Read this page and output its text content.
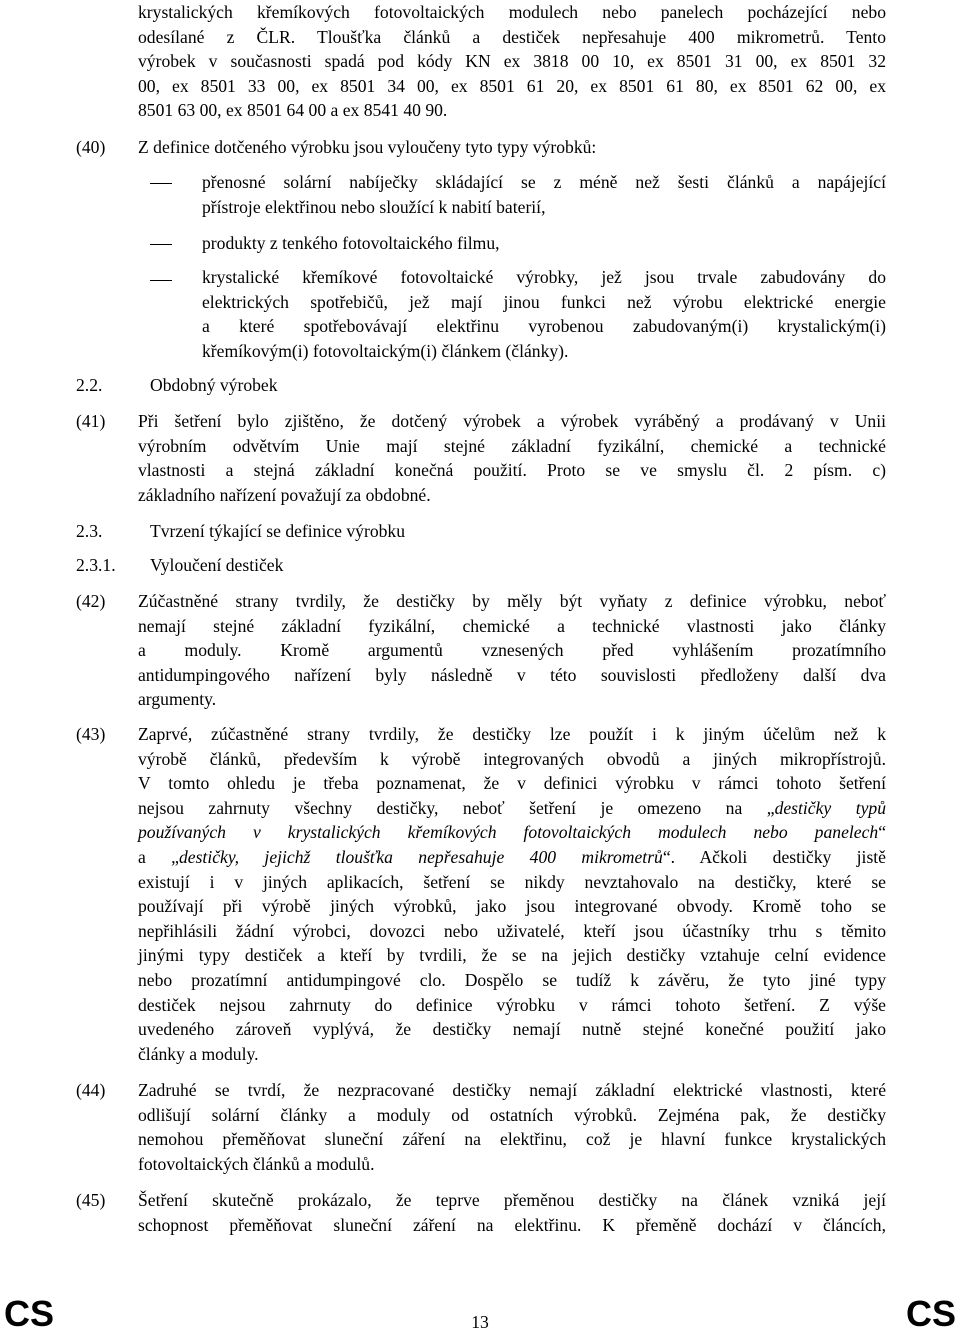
krystalických křemíkových fotovoltaických modulech nebo panelech pocházející nebo
odesílané z ČLR. Tloušťka článků a destiček nepřesahuje 400 mikrometrů. Tento
výrobek v současnosti spadá pod kódy KN ex 3818 00 10, ex 8501 31 00, ex 8501 32
00, ex 8501 33 00, ex 8501 34 00, ex 8501 61 20, ex 8501 61 80, ex 8501 62 00, ex
8501 63 00, ex 8501 64 00 a ex 8541 40 90.
(40) Z definice dotčeného výrobku jsou vyloučeny tyto typy výrobků:
přenosné solární nabíječky skládající se z méně než šesti článků a napájející
přístroje elektřinou nebo sloužící k nabití baterií,
produkty z tenkého fotovoltaického filmu,
krystalické křemíkové fotovoltaické výrobky, jež jsou trvale zabudovány do
elektrických spotřebičů, jež mají jinou funkci než výrobu elektrické energie
a které spotřebovávají elektřinu vyrobenou zabudovaným(i) krystalickým(i)
křemíkovým(i) fotovoltaickým(i) článkem (články).
2.2.	Obdobný výrobek
(41) Při šetření bylo zjištěno, že dotčený výrobek a výrobek vyráběný a prodávaný v Unii
výrobním odvětvím Unie mají stejné základní fyzikální, chemické a technické
vlastnosti a stejná základní konečná použití. Proto se ve smyslu čl. 2 písm. c)
základního nařízení považují za obdobné.
2.3.	Tvrzení týkající se definice výrobku
2.3.1. Vyloučení destiček
(42) Zúčastněné strany tvrdily, že destičky by měly být vyňaty z definice výrobku, neboť
nemají stejné základní fyzikální, chemické a technické vlastnosti jako články
a moduly. Kromě argumentů vznesených před vyhlášením prozatímního
antidumpingového nařízení byly následně v této souvislosti předloženy další dva
argumenty.
(43) Zaprvé, zúčastněné strany tvrdily, že destičky lze použít i k jiným účelům než k
výrobě článků, především k výrobě integrovaných obvodů a jiných mikropřístrojů.
V tomto ohledu je třeba poznamenat, že v definici výrobku v rámci tohoto šetření
nejsou zahrnuty všechny destičky, neboť šetření je omezeno na „destičky typů
používaných v krystalických křemíkových fotovoltaických modulech nebo panelech“
a „destičky, jejichž tloušťka nepřesahuje 400 mikrometrů“. Ačkoli destičky jistě
existují i v jiných aplikacích, šetření se nikdy nevztahovalo na destičky, které se
používají při výrobě jiných výrobků, jako jsou integrované obvody. Kromě toho se
nepřihlásili žádní výrobci, dovozci nebo uživatelé, kteří jsou účastníky trhu s těmito
jinými typy destiček a kteří by tvrdili, že se na jejich destičky vztahuje celní evidence
nebo prozatímní antidumpingové clo. Dospělo se tudíž k závěru, že tyto jiné typy
destiček nejsou zahrnuty do definice výrobku v rámci tohoto šetření. Z výše
uvedeného zároveň vyplývá, že destičky nemají nutně stejné konečné použití jako
články a moduly.
(44) Zadruhé se tvrdí, že nezpracované destičky nemají základní elektrické vlastnosti, které
odlišují solární články a moduly od ostatních výrobků. Zejména pak, že destičky
nemohou přeměňovat sluneční záření na elektřinu, což je hlavní funkce krystalických
fotovoltaických článků a modulů.
(45) Šetření skutečně prokázalo, že teprve přeměnou destičky na článek vzniká její
schopnost přeměňovat sluneční záření na elektřinu. K přeměně dochází v článcích,
CS	13	CS
